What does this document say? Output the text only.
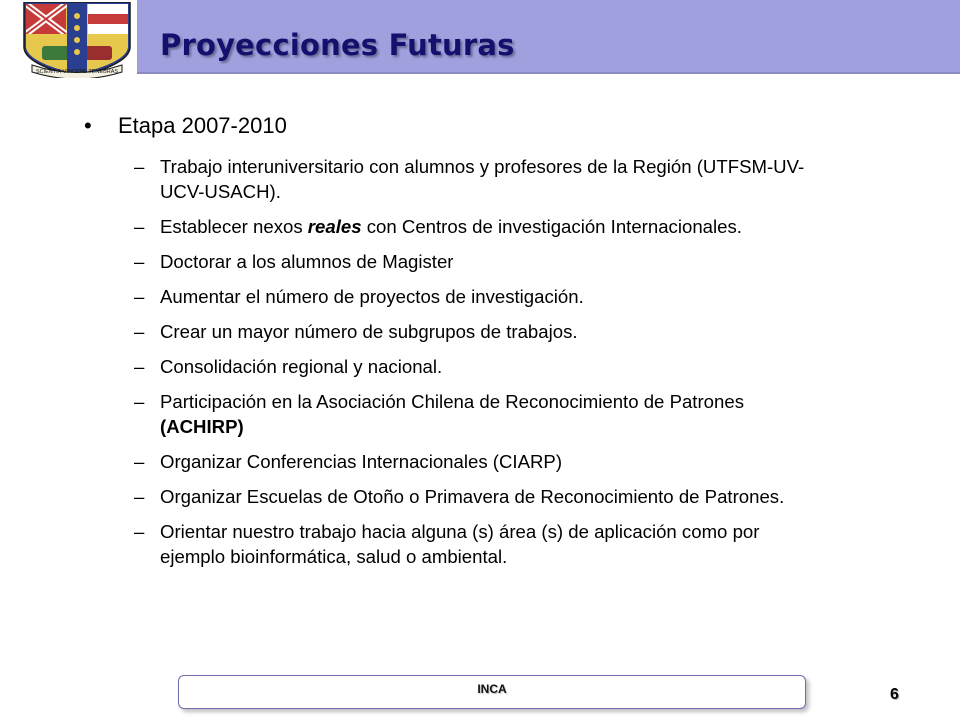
SCIENTIA VINCERE TENEBRAS
Proyecciones Futuras
•	Etapa 2007-2010
– Trabajo interuniversitario con alumnos y profesores de la Región (UTFSM-UV-UCV-USACH).
– Establecer nexos reales con Centros de investigación Internacionales.
– Doctorar a los alumnos de Magister
– Aumentar el número de proyectos de investigación.
– Crear un mayor número de subgrupos de trabajos.
– Consolidación regional y nacional.
– Participación en la Asociación Chilena de Reconocimiento de Patrones (ACHIRP)
– Organizar Conferencias Internacionales (CIARP)
– Organizar Escuelas de Otoño o Primavera de Reconocimiento de Patrones.
– Orientar nuestro trabajo hacia alguna (s) área (s) de aplicación como por ejemplo bioinformática, salud o ambiental.
INCA	6
